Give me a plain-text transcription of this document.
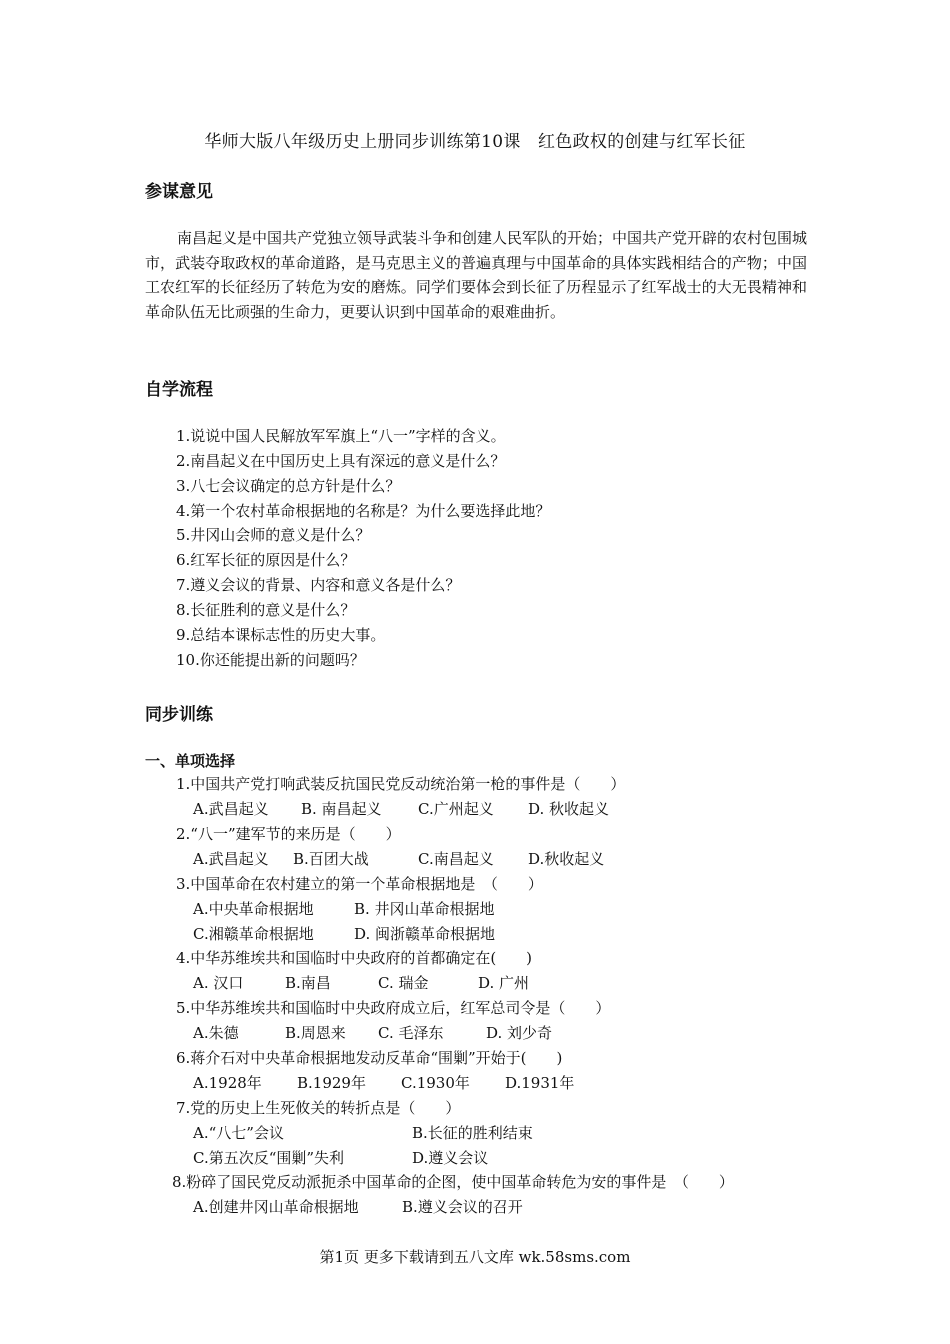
华师大版八年级历史上册同步训练第10课　红色政权的创建与红军长征
参谋意见

南昌起义是中国共产党独立领导武装斗争和创建人民军队的开始；中国共产党开辟的农村包围城市，武装夺取政权的革命道路，是马克思主义的普遍真理与中国革命的具体实践相结合的产物；中国工农红军的长征经历了转危为安的磨炼。同学们要体会到长征了历程显示了红军战士的大无畏精神和革命队伍无比顽强的生命力，更要认识到中国革命的艰难曲折。

自学流程
1.说说中国人民解放军军旗上“八一”字样的含义。
2.南昌起义在中国历史上具有深远的意义是什么？
3.八七会议确定的总方针是什么？
4.第一个农村革命根据地的名称是？为什么要选择此地？
5.井冈山会师的意义是什么？
6.红军长征的原因是什么？
7.遵义会议的背景、内容和意义各是什么？
8.长征胜利的意义是什么？
9.总结本课标志性的历史大事。
10.你还能提出新的问题吗？
同步训练
一、单项选择
1.中国共产党打响武装反抗国民党反动统治第一枪的事件是（　　）
A.武昌起义 B. 南昌起义 C.广州起义 D. 秋收起义
2.“八一”建军节的来历是（　　）
A.武昌起义 B.百团大战	C.南昌起义 D.秋收起义
3.中国革命在农村建立的第一个革命根据地是　（　　）
A.中央革命根据地	B. 井冈山革命根据地
C.湘赣革命根据地	D. 闽浙赣革命根据地
4.中华苏维埃共和国临时中央政府的首都确定在(　　)
A. 汉口	B.南昌	C. 瑞金	D. 广州
5.中华苏维埃共和国临时中央政府成立后，红军总司令是（　　）
A.朱德	B.周恩来 C. 毛泽东	D. 刘少奇
6.蒋介石对中央革命根据地发动反革命“围剿”开始于(　　)
A.1928年 B.1929年 C.1930年 D.1931年
7.党的历史上生死攸关的转折点是（　　）
A.“八七”会议	B.长征的胜利结束
C.第五次反“围剿”失利	D.遵义会议
8.粉碎了国民党反动派扼杀中国革命的企图，使中国革命转危为安的事件是　（　　）
A.创建井冈山革命根据地	B.遵义会议的召开
第1页 更多下载请到五八文库 wk.58sms.com
